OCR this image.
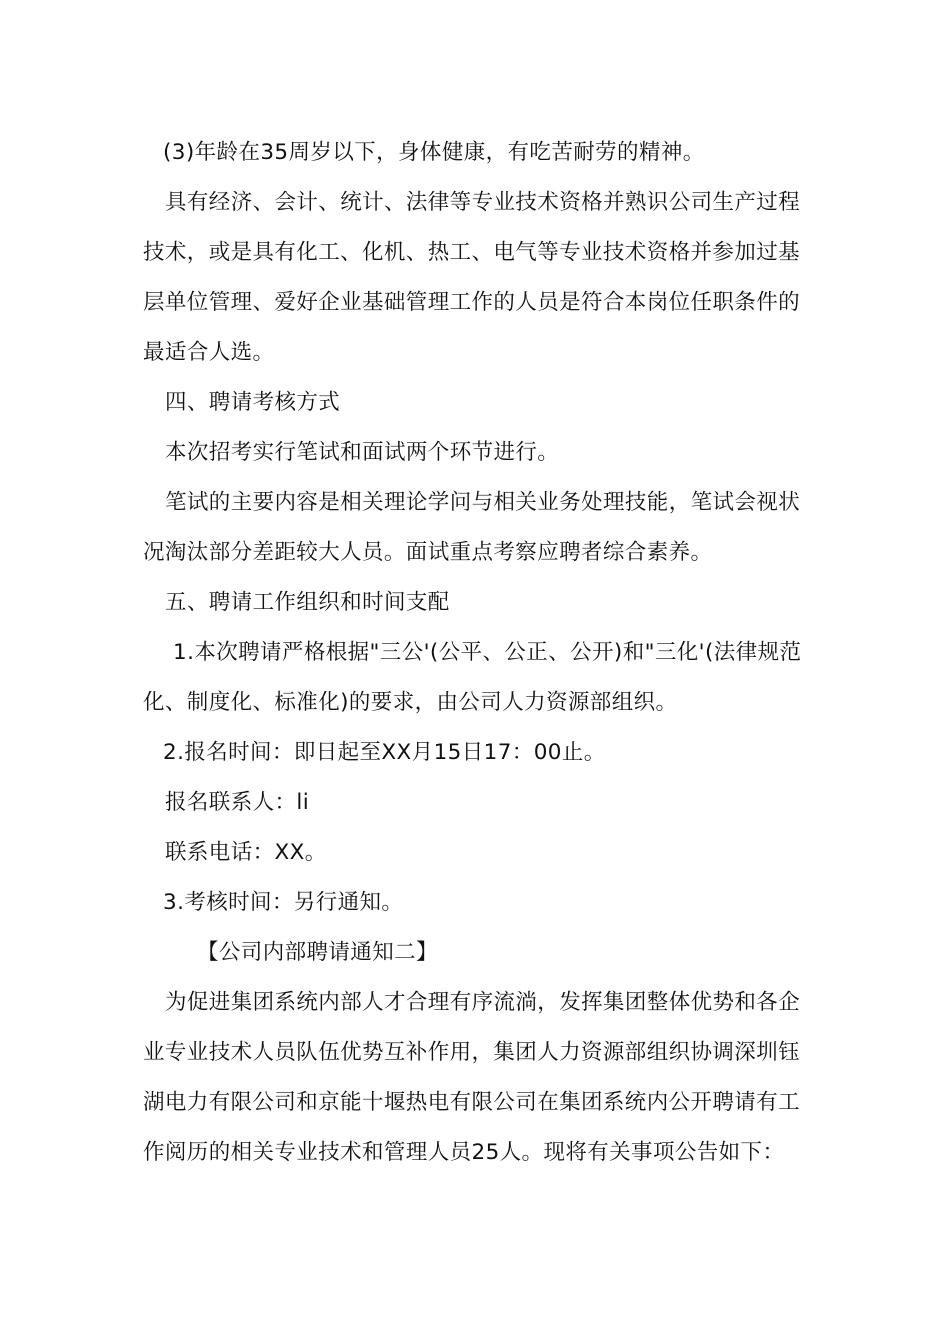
(3)年龄在35周岁以下，身体健康，有吃苦耐劳的精神。

具有经济、会计、统计、法律等专业技术资格并熟识公司生产过程技术，或是具有化工、化机、热工、电气等专业技术资格并参加过基层单位管理、爱好企业基础管理工作的人员是符合本岗位任职条件的最适合人选。

四、聘请考核方式

本次招考实行笔试和面试两个环节进行。

笔试的主要内容是相关理论学问与相关业务处理技能，笔试会视状况淘汰部分差距较大人员。面试重点考察应聘者综合素养。

五、聘请工作组织和时间支配

1.本次聘请严格根据"三公'(公平、公正、公开)和"三化'(法律规范化、制度化、标准化)的要求，由公司人力资源部组织。

2.报名时间：即日起至XX月15日17：00止。

报名联系人：li

联系电话：XX。

3.考核时间：另行通知。

【公司内部聘请通知二】

为促进集团系统内部人才合理有序流淌，发挥集团整体优势和各企业专业技术人员队伍优势互补作用，集团人力资源部组织协调深圳钰湖电力有限公司和京能十堰热电有限公司在集团系统内公开聘请有工作阅历的相关专业技术和管理人员25人。现将有关事项公告如下：
